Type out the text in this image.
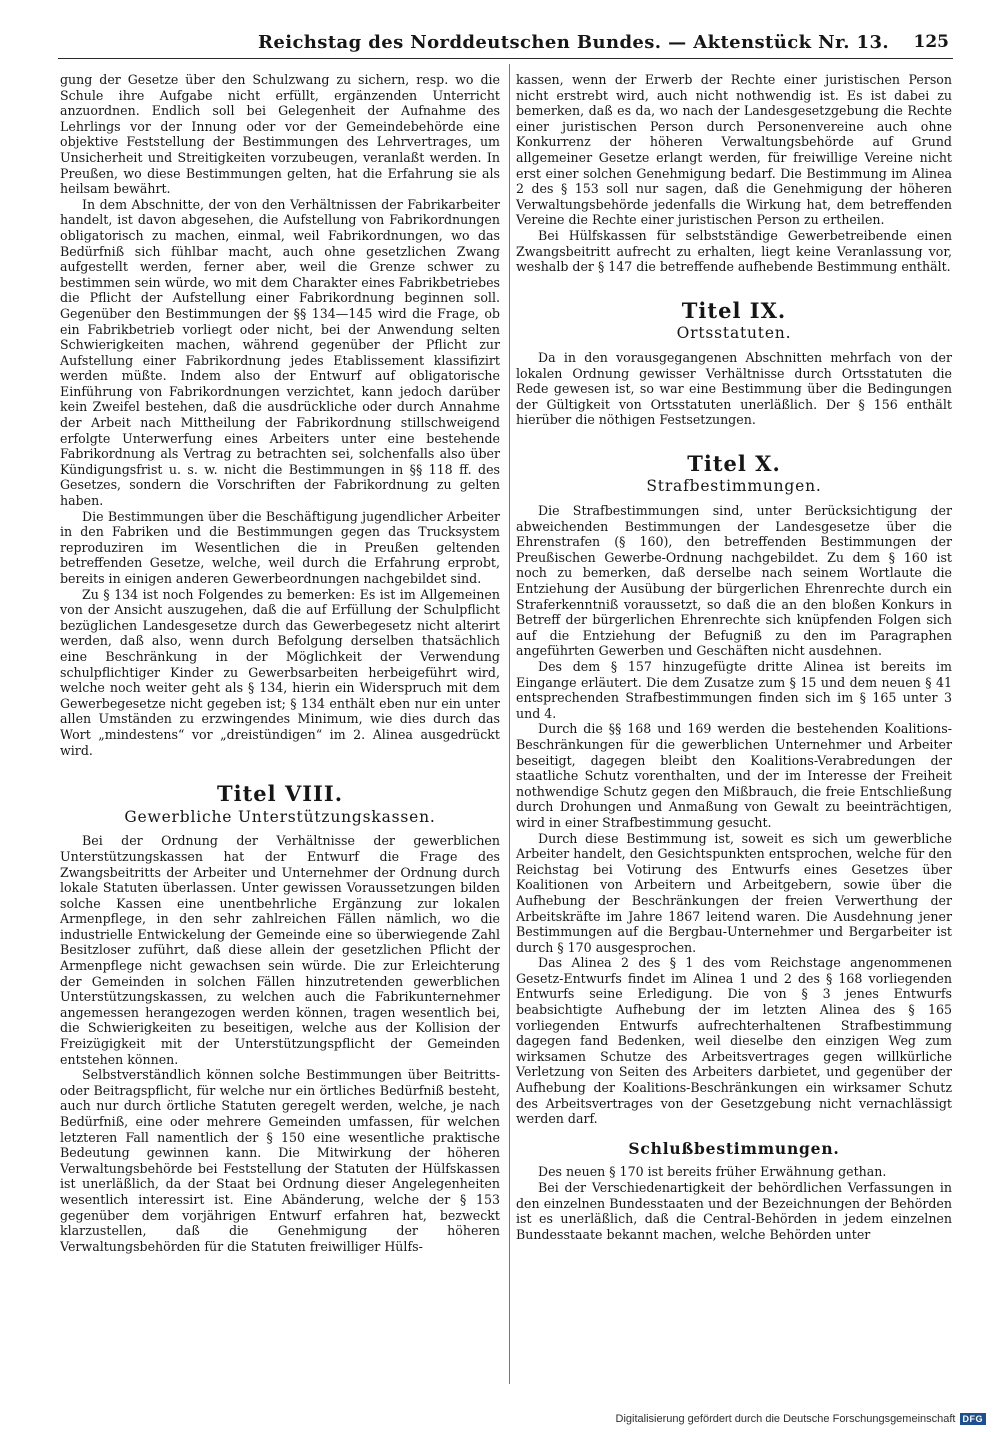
Reichstag des Norddeutschen Bundes. — Aktenstück Nr. 13. 125

gung der Gesetze über den Schulzwang zu sichern, resp. wo die Schule ihre Aufgabe nicht erfüllt, ergänzenden Unterricht anzuordnen. Endlich soll bei Gelegenheit der Aufnahme des Lehrlings vor der Innung oder vor der Gemeindebehörde eine objektive Feststellung der Bestimmungen des Lehrvertrages, um Unsicherheit und Streitigkeiten vorzubeugen, veranlaßt werden. In Preußen, wo diese Bestimmungen gelten, hat die Erfahrung sie als heilsam bewährt.

In dem Abschnitte, der von den Verhältnissen der Fabrikarbeiter handelt, ist davon abgesehen, die Aufstellung von Fabrikordnungen obligatorisch zu machen, einmal, weil Fabrikordnungen, wo das Bedürfniß sich fühlbar macht, auch ohne gesetzlichen Zwang aufgestellt werden, ferner aber, weil die Grenze schwer zu bestimmen sein würde, wo mit dem Charakter eines Fabrikbetriebes die Pflicht der Aufstellung einer Fabrikordnung beginnen soll. Gegenüber den Bestimmungen der §§ 134—145 wird die Frage, ob ein Fabrikbetrieb vorliegt oder nicht, bei der Anwendung selten Schwierigkeiten machen, während gegenüber der Pflicht zur Aufstellung einer Fabrikordnung jedes Etablissement klassifizirt werden müßte. Indem also der Entwurf auf obligatorische Einführung von Fabrikordnungen verzichtet, kann jedoch darüber kein Zweifel bestehen, daß die ausdrückliche oder durch Annahme der Arbeit nach Mittheilung der Fabrikordnung stillschweigend erfolgte Unterwerfung eines Arbeiters unter eine bestehende Fabrikordnung als Vertrag zu betrachten sei, solchenfalls also über Kündigungsfrist u. s. w. nicht die Bestimmungen in §§ 118 ff. des Gesetzes, sondern die Vorschriften der Fabrikordnung zu gelten haben.

Die Bestimmungen über die Beschäftigung jugendlicher Arbeiter in den Fabriken und die Bestimmungen gegen das Trucksystem reproduziren im Wesentlichen die in Preußen geltenden betreffenden Gesetze, welche, weil durch die Erfahrung erprobt, bereits in einigen anderen Gewerbeordnungen nachgebildet sind.

Zu § 134 ist noch Folgendes zu bemerken: Es ist im Allgemeinen von der Ansicht auszugehen, daß die auf Erfüllung der Schulpflicht bezüglichen Landesgesetze durch das Gewerbegesetz nicht alterirt werden, daß also, wenn durch Befolgung derselben thatsächlich eine Beschränkung in der Möglichkeit der Verwendung schulpflichtiger Kinder zu Gewerbsarbeiten herbeigeführt wird, welche noch weiter geht als § 134, hierin ein Widerspruch mit dem Gewerbegesetze nicht gegeben ist; § 134 enthält eben nur ein unter allen Umständen zu erzwingendes Minimum, wie dies durch das Wort „mindestens“ vor „dreistündigen“ im 2. Alinea ausgedrückt wird.

Titel VIII.
Gewerbliche Unterstützungskassen.

Bei der Ordnung der Verhältnisse der gewerblichen Unterstützungskassen hat der Entwurf die Frage des Zwangsbeitritts der Arbeiter und Unternehmer der Ordnung durch lokale Statuten überlassen. Unter gewissen Voraussetzungen bilden solche Kassen eine unentbehrliche Ergänzung zur lokalen Armenpflege, in den sehr zahlreichen Fällen nämlich, wo die industrielle Entwickelung der Gemeinde eine so überwiegende Zahl Besitzloser zuführt, daß diese allein der gesetzlichen Pflicht der Armenpflege nicht gewachsen sein würde. Die zur Erleichterung der Gemeinden in solchen Fällen hinzutretenden gewerblichen Unterstützungskassen, zu welchen auch die Fabrikunternehmer angemessen herangezogen werden können, tragen wesentlich bei, die Schwierigkeiten zu beseitigen, welche aus der Kollision der Freizügigkeit mit der Unterstützungspflicht der Gemeinden entstehen können.

Selbstverständlich können solche Bestimmungen über Beitritts- oder Beitragspflicht, für welche nur ein örtliches Bedürfniß besteht, auch nur durch örtliche Statuten geregelt werden, welche, je nach Bedürfniß, eine oder mehrere Gemeinden umfassen, für welchen letzteren Fall namentlich der § 150 eine wesentliche praktische Bedeutung gewinnen kann. Die Mitwirkung der höheren Verwaltungsbehörde bei Feststellung der Statuten der Hülfskassen ist unerläßlich, da der Staat bei Ordnung dieser Angelegenheiten wesentlich interessirt ist. Eine Abänderung, welche der § 153 gegenüber dem vorjährigen Entwurf erfahren hat, bezweckt klarzustellen, daß die Genehmigung der höheren Verwaltungsbehörden für die Statuten freiwilliger Hülfs-

kassen, wenn der Erwerb der Rechte einer juristischen Person nicht erstrebt wird, auch nicht nothwendig ist. Es ist dabei zu bemerken, daß es da, wo nach der Landesgesetzgebung die Rechte einer juristischen Person durch Personenvereine auch ohne Konkurrenz der höheren Verwaltungsbehörde auf Grund allgemeiner Gesetze erlangt werden, für freiwillige Vereine nicht erst einer solchen Genehmigung bedarf. Die Bestimmung im Alinea 2 des § 153 soll nur sagen, daß die Genehmigung der höheren Verwaltungsbehörde jedenfalls die Wirkung hat, dem betreffenden Vereine die Rechte einer juristischen Person zu ertheilen.

Bei Hülfskassen für selbstständige Gewerbetreibende einen Zwangsbeitritt aufrecht zu erhalten, liegt keine Veranlassung vor, weshalb der § 147 die betreffende aufhebende Bestimmung enthält.

Titel IX.
Ortsstatuten.

Da in den vorausgegangenen Abschnitten mehrfach von der lokalen Ordnung gewisser Verhältnisse durch Ortsstatuten die Rede gewesen ist, so war eine Bestimmung über die Bedingungen der Gültigkeit von Ortsstatuten unerläßlich. Der § 156 enthält hierüber die nöthigen Festsetzungen.

Titel X.
Strafbestimmungen.

Die Strafbestimmungen sind, unter Berücksichtigung der abweichenden Bestimmungen der Landesgesetze über die Ehrenstrafen (§ 160), den betreffenden Bestimmungen der Preußischen Gewerbe-Ordnung nachgebildet. Zu dem § 160 ist noch zu bemerken, daß derselbe nach seinem Wortlaute die Entziehung der Ausübung der bürgerlichen Ehrenrechte durch ein Straferkenntniß voraussetzt, so daß die an den bloßen Konkurs in Betreff der bürgerlichen Ehrenrechte sich knüpfenden Folgen sich auf die Entziehung der Befugniß zu den im Paragraphen angeführten Gewerben und Geschäften nicht ausdehnen.

Des dem § 157 hinzugefügte dritte Alinea ist bereits im Eingange erläutert. Die dem Zusatze zum § 15 und dem neuen § 41 entsprechenden Strafbestimmungen finden sich im § 165 unter 3 und 4.

Durch die §§ 168 und 169 werden die bestehenden Koalitions-Beschränkungen für die gewerblichen Unternehmer und Arbeiter beseitigt, dagegen bleibt den Koalitions-Verabredungen der staatliche Schutz vorenthalten, und der im Interesse der Freiheit nothwendige Schutz gegen den Mißbrauch, die freie Entschließung durch Drohungen und Anmaßung von Gewalt zu beeinträchtigen, wird in einer Strafbestimmung gesucht.

Durch diese Bestimmung ist, soweit es sich um gewerbliche Arbeiter handelt, den Gesichtspunkten entsprochen, welche für den Reichstag bei Votirung des Entwurfs eines Gesetzes über Koalitionen von Arbeitern und Arbeitgebern, sowie über die Aufhebung der Beschränkungen der freien Verwerthung der Arbeitskräfte im Jahre 1867 leitend waren. Die Ausdehnung jener Bestimmungen auf die Bergbau-Unternehmer und Bergarbeiter ist durch § 170 ausgesprochen.

Das Alinea 2 des § 1 des vom Reichstage angenommenen Gesetz-Entwurfs findet im Alinea 1 und 2 des § 168 vorliegenden Entwurfs seine Erledigung. Die von § 3 jenes Entwurfs beabsichtigte Aufhebung der im letzten Alinea des § 165 vorliegenden Entwurfs aufrechterhaltenen Strafbestimmung dagegen fand Bedenken, weil dieselbe den einzigen Weg zum wirksamen Schutze des Arbeitsvertrages gegen willkürliche Verletzung von Seiten des Arbeiters darbietet, und gegenüber der Aufhebung der Koalitions-Beschränkungen ein wirksamer Schutz des Arbeitsvertrages von der Gesetzgebung nicht vernachlässigt werden darf.

Schlußbestimmungen.

Des neuen § 170 ist bereits früher Erwähnung gethan.

Bei der Verschiedenartigkeit der behördlichen Verfassungen in den einzelnen Bundesstaaten und der Bezeichnungen der Behörden ist es unerläßlich, daß die Central-Behörden in jedem einzelnen Bundesstaate bekannt machen, welche Behörden unter

Digitalisierung gefördert durch die Deutsche Forschungsgemeinschaft DFG
